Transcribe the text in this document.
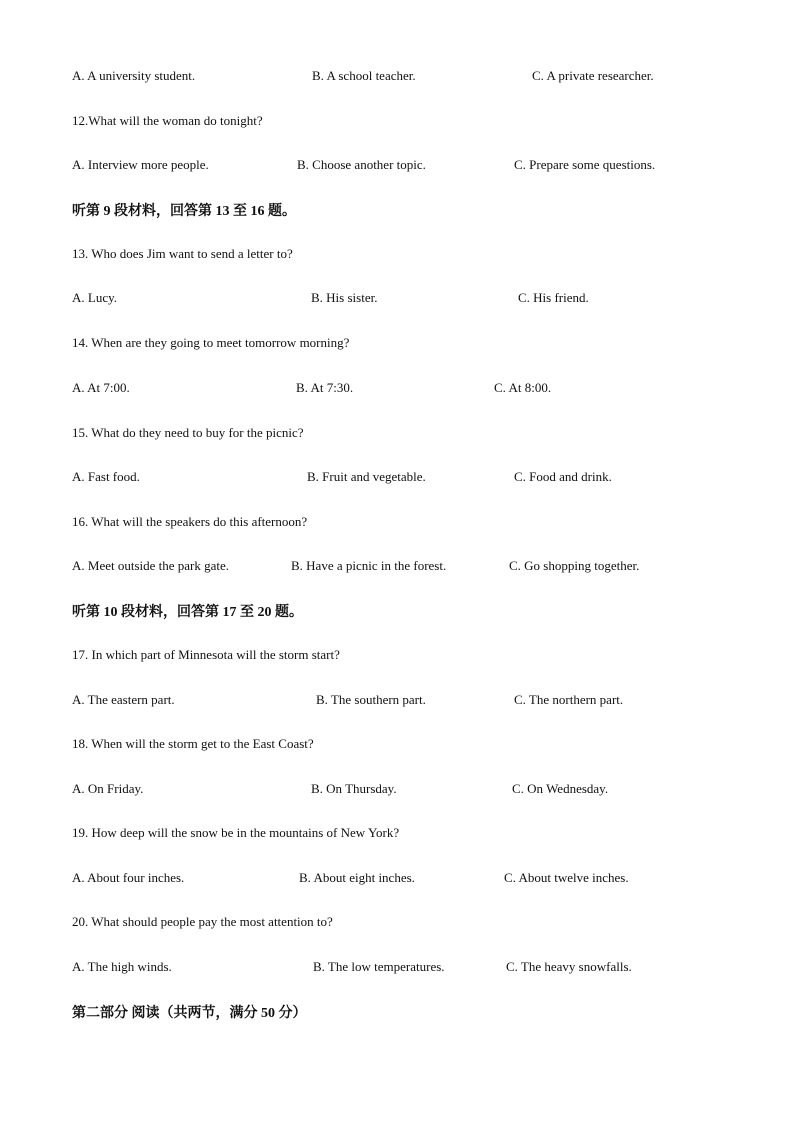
A. A university student.	B. A school teacher.	C. A private researcher.
12.What will the woman do tonight?
A. Interview more people.	B. Choose another topic.	C. Prepare some questions.
听第 9 段材料，回答第 13 至 16 题。
13. Who does Jim want to send a letter to?
A. Lucy.	B. His sister.	C. His friend.
14. When are they going to meet tomorrow morning?
A. At 7:00.	B. At 7:30.	C. At 8:00.
15. What do they need to buy for the picnic?
A. Fast food.	B. Fruit and vegetable.	C. Food and drink.
16. What will the speakers do this afternoon?
A. Meet outside the park gate.	B. Have a picnic in the forest.	C. Go shopping together.
听第 10 段材料，回答第 17 至 20 题。
17. In which part of Minnesota will the storm start?
A. The eastern part.	B. The southern part.	C. The northern part.
18. When will the storm get to the East Coast?
A. On Friday.	B. On Thursday.	C. On Wednesday.
19. How deep will the snow be in the mountains of New York?
A. About four inches.	B. About eight inches.	C. About twelve inches.
20. What should people pay the most attention to?
A. The high winds.	B. The low temperatures.	C. The heavy snowfalls.
第二部分 阅读（共两节，满分 50 分）
